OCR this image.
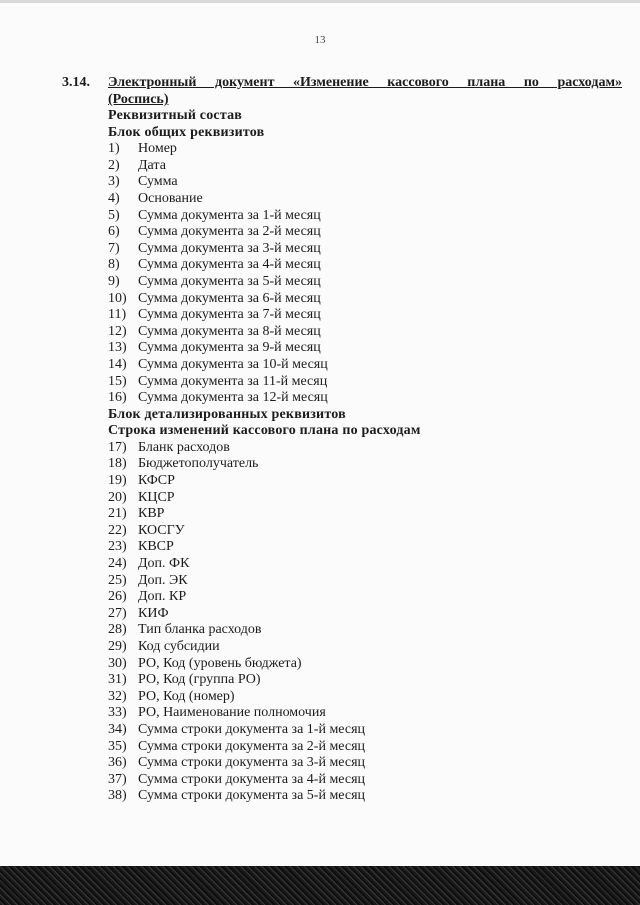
13
3.14. Электронный документ «Изменение кассового плана по расходам»
(Роспись)
Реквизитный состав
Блок общих реквизитов
1) Номер
2) Дата
3) Сумма
4) Основание
5) Сумма документа за 1-й месяц
6) Сумма документа за 2-й месяц
7) Сумма документа за 3-й месяц
8) Сумма документа за 4-й месяц
9) Сумма документа за 5-й месяц
10) Сумма документа за 6-й месяц
11) Сумма документа за 7-й месяц
12) Сумма документа за 8-й месяц
13) Сумма документа за 9-й месяц
14) Сумма документа за 10-й месяц
15) Сумма документа за 11-й месяц
16) Сумма документа за 12-й месяц
Блок детализированных реквизитов
Строка изменений кассового плана по расходам
17) Бланк расходов
18) Бюджетополучатель
19) КФСР
20) КЦСР
21) КВР
22) КОСГУ
23) КВСР
24) Доп. ФК
25) Доп. ЭК
26) Доп. КР
27) КИФ
28) Тип бланка расходов
29) Код субсидии
30) РО, Код (уровень бюджета)
31) РО, Код (группа РО)
32) РО, Код (номер)
33) РО, Наименование полномочия
34) Сумма строки документа за 1-й месяц
35) Сумма строки документа за 2-й месяц
36) Сумма строки документа за 3-й месяц
37) Сумма строки документа за 4-й месяц
38) Сумма строки документа за 5-й месяц
